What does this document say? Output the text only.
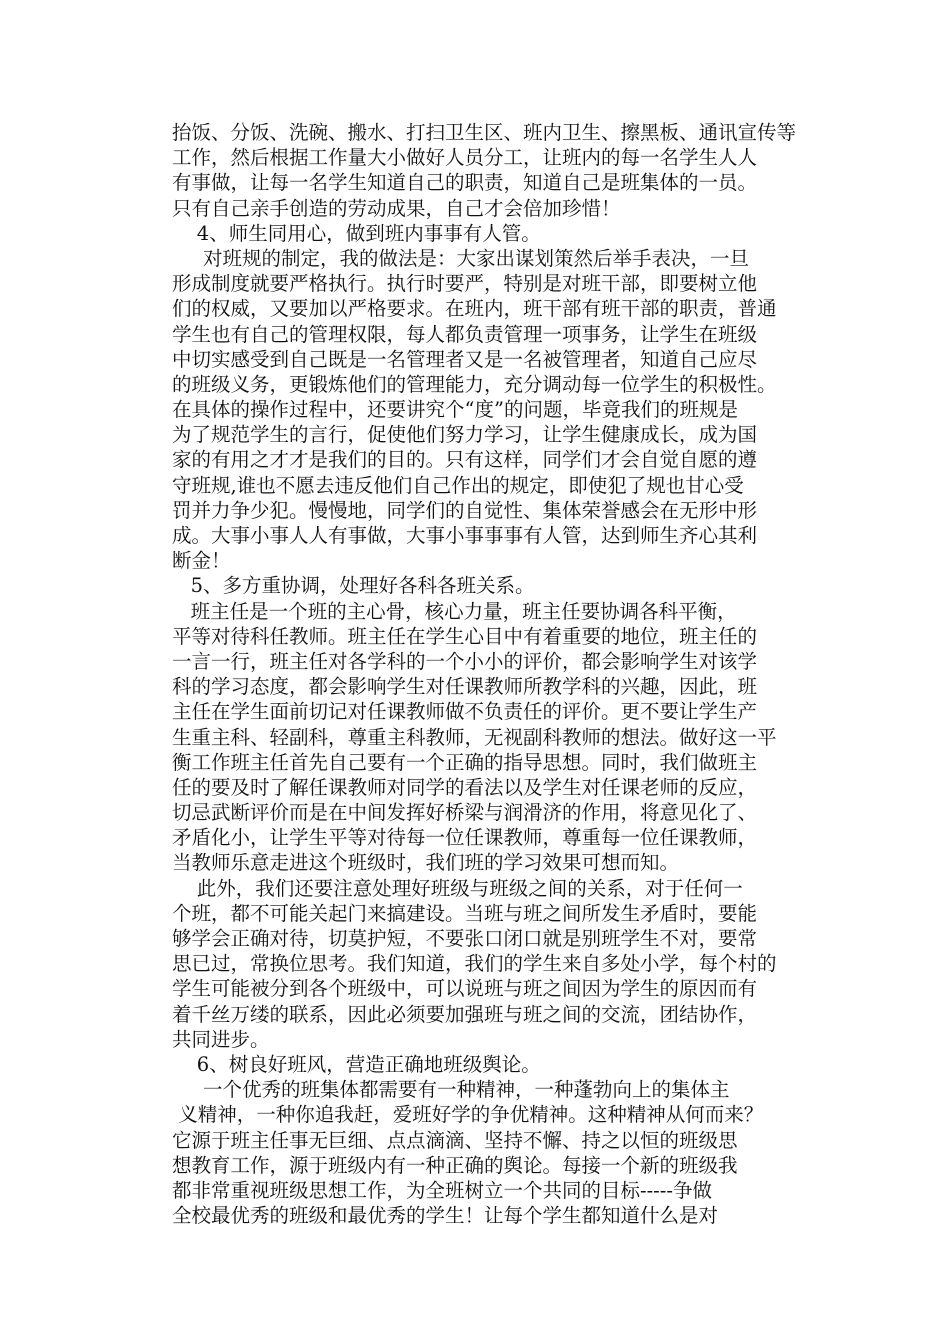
抬饭、分饭、洗碗、搬水、打扫卫生区、班内卫生、擦黑板、通讯宣传等
工作，然后根据工作量大小做好人员分工，让班内的每一名学生人人
有事做，让每一名学生知道自己的职责，知道自己是班集体的一员。
只有自己亲手创造的劳动成果，自己才会倍加珍惜！
4、师生同用心，做到班内事事有人管。
对班规的制定，我的做法是：大家出谋划策然后举手表决，一旦
形成制度就要严格执行。执行时要严，特别是对班干部，即要树立他
们的权威，又要加以严格要求。在班内，班干部有班干部的职责，普通
学生也有自己的管理权限，每人都负责管理一项事务，让学生在班级
中切实感受到自己既是一名管理者又是一名被管理者，知道自己应尽
的班级义务，更锻炼他们的管理能力，充分调动每一位学生的积极性。
在具体的操作过程中，还要讲究个“度”的问题，毕竟我们的班规是
为了规范学生的言行，促使他们努力学习，让学生健康成长，成为国
家的有用之才才是我们的目的。只有这样，同学们才会自觉自愿的遵
守班规,谁也不愿去违反他们自己作出的规定，即使犯了规也甘心受
罚并力争少犯。慢慢地，同学们的自觉性、集体荣誉感会在无形中形
成。大事小事人人有事做，大事小事事事有人管，达到师生齐心其利
断金！
5、多方重协调，处理好各科各班关系。
班主任是一个班的主心骨，核心力量，班主任要协调各科平衡，
平等对待科任教师。班主任在学生心目中有着重要的地位，班主任的
一言一行，班主任对各学科的一个小小的评价，都会影响学生对该学
科的学习态度，都会影响学生对任课教师所教学科的兴趣，因此，班
主任在学生面前切记对任课教师做不负责任的评价。更不要让学生产
生重主科、轻副科，尊重主科教师，无视副科教师的想法。做好这一平
衡工作班主任首先自己要有一个正确的指导思想。同时，我们做班主
任的要及时了解任课教师对同学的看法以及学生对任课老师的反应，
切忌武断评价而是在中间发挥好桥梁与润滑济的作用，将意见化了、
矛盾化小，让学生平等对待每一位任课教师，尊重每一位任课教师，
当教师乐意走进这个班级时，我们班的学习效果可想而知。
此外，我们还要注意处理好班级与班级之间的关系，对于任何一
个班，都不可能关起门来搞建设。当班与班之间所发生矛盾时，要能
够学会正确对待，切莫护短，不要张口闭口就是别班学生不对，要常
思已过，常换位思考。我们知道，我们的学生来自多处小学，每个村的
学生可能被分到各个班级中，可以说班与班之间因为学生的原因而有
着千丝万缕的联系，因此必须要加强班与班之间的交流，团结协作，
共同进步。
6、树良好班风，营造正确地班级舆论。
一个优秀的班集体都需要有一种精神，一种蓬勃向上的集体主
义精神，一种你追我赶，爱班好学的争优精神。这种精神从何而来？
它源于班主任事无巨细、点点滴滴、坚持不懈、持之以恒的班级思
想教育工作，源于班级内有一种正确的舆论。每接一个新的班级我
都非常重视班级思想工作，为全班树立一个共同的目标-----争做
全校最优秀的班级和最优秀的学生！让每个学生都知道什么是对
